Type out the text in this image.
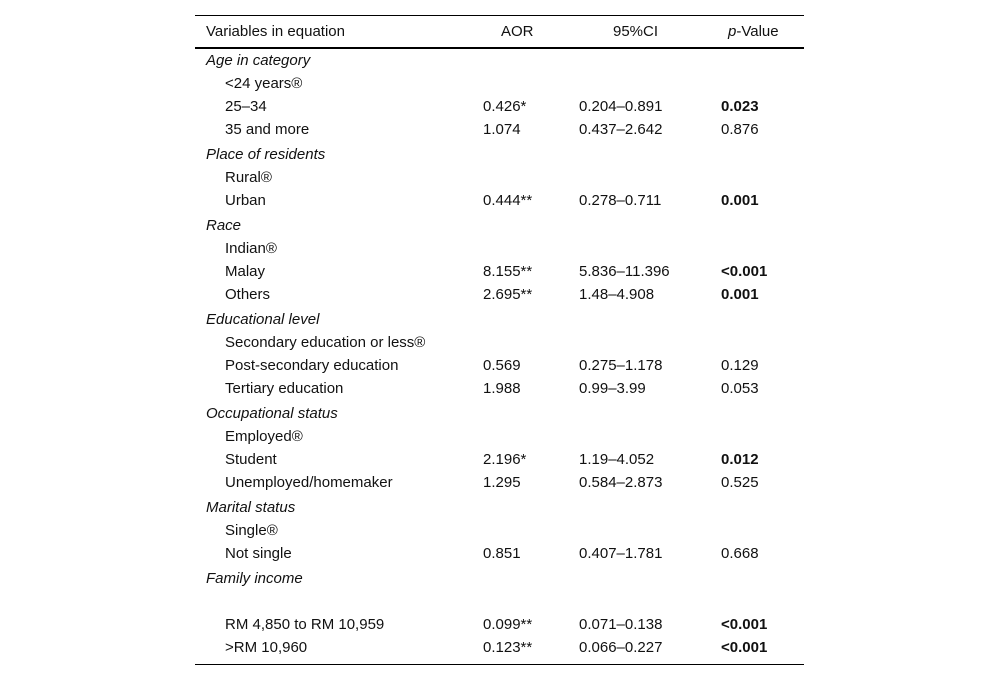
Variables in equation	AOR	95%CI	p-Value
Age in category
<24 years®
25–34	0.426*	0.204–0.891	0.023
35 and more	1.074	0.437–2.642	0.876
Place of residents
Rural®
Urban	0.444**	0.278–0.711	0.001
Race
Indian®
Malay	8.155**	5.836–11.396	<0.001
Others	2.695**	1.48–4.908	0.001
Educational level
Secondary education or less®
Post-secondary education	0.569	0.275–1.178	0.129
Tertiary education	1.988	0.99–3.99	0.053
Occupational status
Employed®
Student	2.196*	1.19–4.052	0.012
Unemployed/homemaker	1.295	0.584–2.873	0.525
Marital status
Single®
Not single	0.851	0.407–1.781	0.668
Family income
RM 4,850 to RM 10,959	0.099**	0.071–0.138	<0.001
>RM 10,960	0.123**	0.066–0.227	<0.001
